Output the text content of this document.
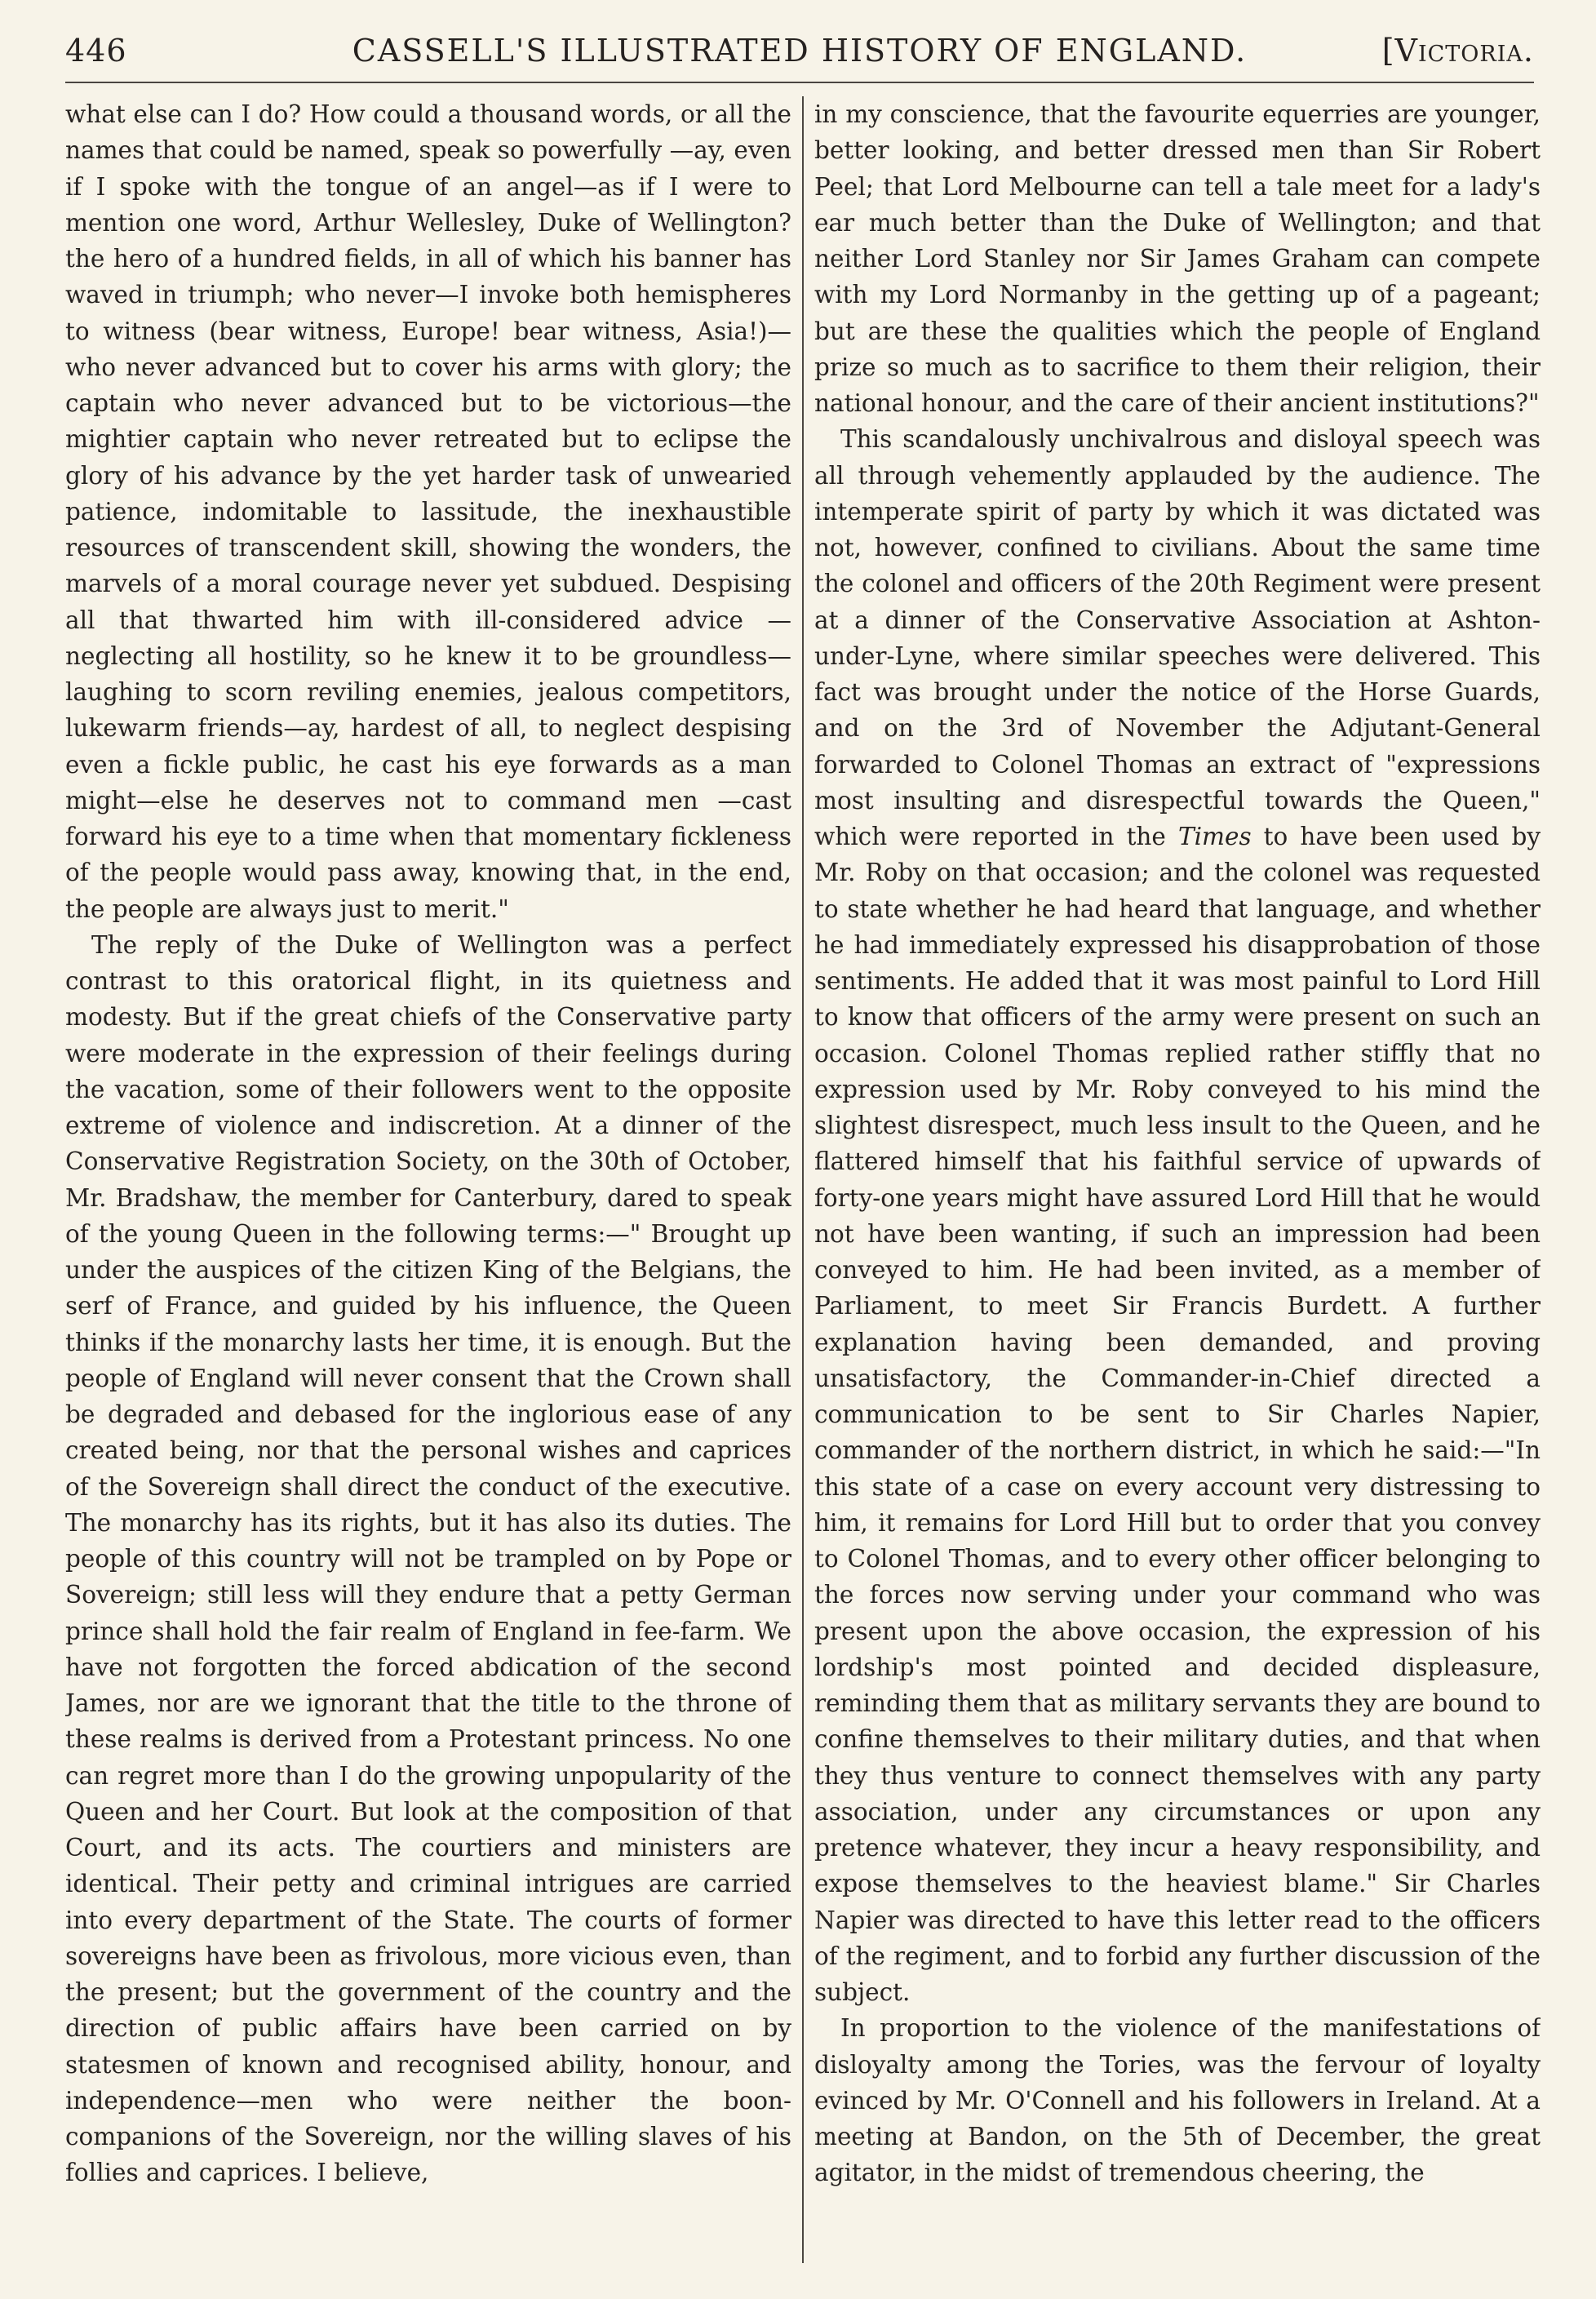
446	CASSELL'S ILLUSTRATED HISTORY OF ENGLAND.	[Victoria.

what else can I do? How could a thousand words, or all the names that could be named, speak so powerfully —ay, even if I spoke with the tongue of an angel—as if I were to mention one word, Arthur Wellesley, Duke of Wellington? the hero of a hundred fields, in all of which his banner has waved in triumph; who never—I invoke both hemispheres to witness (bear witness, Europe! bear witness, Asia!)—who never advanced but to cover his arms with glory; the captain who never advanced but to be victorious—the mightier captain who never retreated but to eclipse the glory of his advance by the yet harder task of unwearied patience, indomitable to lassitude, the inexhaustible resources of transcendent skill, showing the wonders, the marvels of a moral courage never yet subdued. Despising all that thwarted him with ill-considered advice —neglecting all hostility, so he knew it to be groundless—laughing to scorn reviling enemies, jealous competitors, lukewarm friends—ay, hardest of all, to neglect despising even a fickle public, he cast his eye forwards as a man might—else he deserves not to command men —cast forward his eye to a time when that momentary fickleness of the people would pass away, knowing that, in the end, the people are always just to merit."

The reply of the Duke of Wellington was a perfect contrast to this oratorical flight, in its quietness and modesty. But if the great chiefs of the Conservative party were moderate in the expression of their feelings during the vacation, some of their followers went to the opposite extreme of violence and indiscretion. At a dinner of the Conservative Registration Society, on the 30th of October, Mr. Bradshaw, the member for Canterbury, dared to speak of the young Queen in the following terms:—" Brought up under the auspices of the citizen King of the Belgians, the serf of France, and guided by his influence, the Queen thinks if the monarchy lasts her time, it is enough. But the people of England will never consent that the Crown shall be degraded and debased for the inglorious ease of any created being, nor that the personal wishes and caprices of the Sovereign shall direct the conduct of the executive. The monarchy has its rights, but it has also its duties. The people of this country will not be trampled on by Pope or Sovereign; still less will they endure that a petty German prince shall hold the fair realm of England in fee-farm. We have not forgotten the forced abdication of the second James, nor are we ignorant that the title to the throne of these realms is derived from a Protestant princess. No one can regret more than I do the growing unpopularity of the Queen and her Court. But look at the composition of that Court, and its acts. The courtiers and ministers are identical. Their petty and criminal intrigues are carried into every department of the State. The courts of former sovereigns have been as frivolous, more vicious even, than the present; but the government of the country and the direction of public affairs have been carried on by statesmen of known and recognised ability, honour, and independence—men who were neither the boon-companions of the Sovereign, nor the willing slaves of his follies and caprices. I believe,

in my conscience, that the favourite equerries are younger, better looking, and better dressed men than Sir Robert Peel; that Lord Melbourne can tell a tale meet for a lady's ear much better than the Duke of Wellington; and that neither Lord Stanley nor Sir James Graham can compete with my Lord Normanby in the getting up of a pageant; but are these the qualities which the people of England prize so much as to sacrifice to them their religion, their national honour, and the care of their ancient institutions?"

This scandalously unchivalrous and disloyal speech was all through vehemently applauded by the audience. The intemperate spirit of party by which it was dictated was not, however, confined to civilians. About the same time the colonel and officers of the 20th Regiment were present at a dinner of the Conservative Association at Ashton-under-Lyne, where similar speeches were delivered. This fact was brought under the notice of the Horse Guards, and on the 3rd of November the Adjutant-General forwarded to Colonel Thomas an extract of "expressions most insulting and disrespectful towards the Queen," which were reported in the Times to have been used by Mr. Roby on that occasion; and the colonel was requested to state whether he had heard that language, and whether he had immediately expressed his disapprobation of those sentiments. He added that it was most painful to Lord Hill to know that officers of the army were present on such an occasion. Colonel Thomas replied rather stiffly that no expression used by Mr. Roby conveyed to his mind the slightest disrespect, much less insult to the Queen, and he flattered himself that his faithful service of upwards of forty-one years might have assured Lord Hill that he would not have been wanting, if such an impression had been conveyed to him. He had been invited, as a member of Parliament, to meet Sir Francis Burdett. A further explanation having been demanded, and proving unsatisfactory, the Commander-in-Chief directed a communication to be sent to Sir Charles Napier, commander of the northern district, in which he said:—"In this state of a case on every account very distressing to him, it remains for Lord Hill but to order that you convey to Colonel Thomas, and to every other officer belonging to the forces now serving under your command who was present upon the above occasion, the expression of his lordship's most pointed and decided displeasure, reminding them that as military servants they are bound to confine themselves to their military duties, and that when they thus venture to connect themselves with any party association, under any circumstances or upon any pretence whatever, they incur a heavy responsibility, and expose themselves to the heaviest blame." Sir Charles Napier was directed to have this letter read to the officers of the regiment, and to forbid any further discussion of the subject.

In proportion to the violence of the manifestations of disloyalty among the Tories, was the fervour of loyalty evinced by Mr. O'Connell and his followers in Ireland. At a meeting at Bandon, on the 5th of December, the great agitator, in the midst of tremendous cheering, the
